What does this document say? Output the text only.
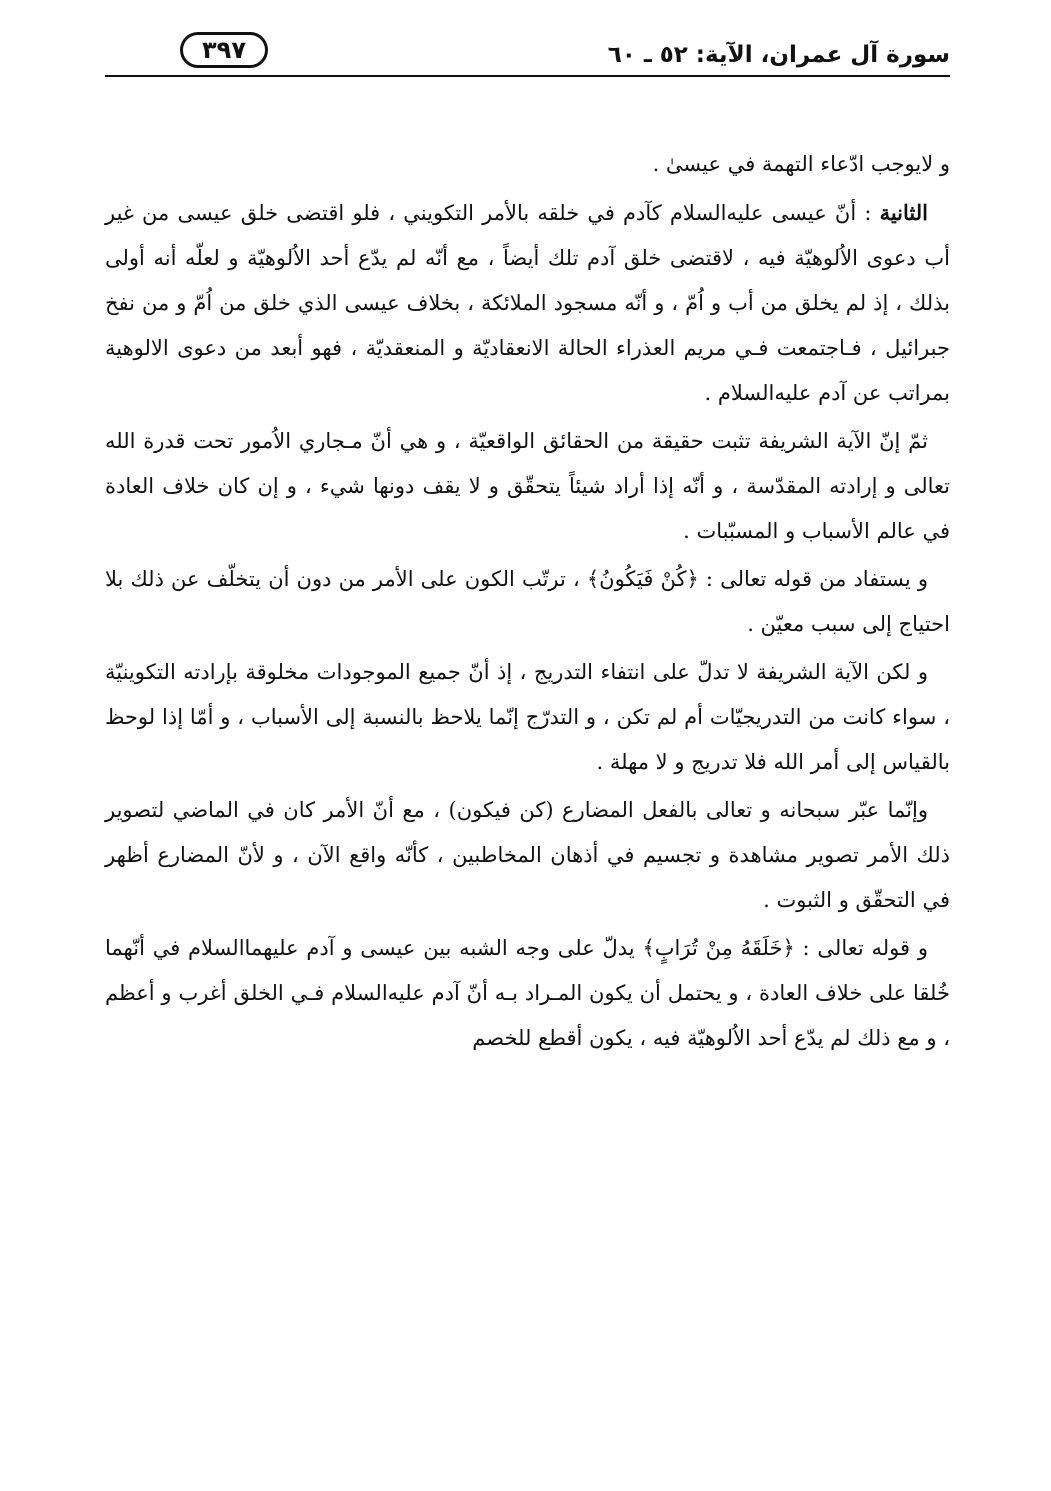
سورة آل عمران، الآية: ٥٢ ـ ٦٠
٣٩٧

و لايوجب ادّعاء التهمة في عيسىٰ .

الثانية : أنّ عيسى عليه‌السلام كآدم في خلقه بالأمر التكويني ، فلو اقتضى خلق عيسى من غير أب دعوى الاُلوهيّة فيه ، لاقتضى خلق آدم تلك أيضاً ، مع أنّه لم يدّع أحد الاُلوهيّة و لعلّه أنه أولى بذلك ، إذ لم يخلق من أب و اُمّ ، و أنّه مسجود الملائكة ، بخلاف عيسى الذي خلق من اُمّ و من نفخ جبرائيل ، فـاجتمعت فـي مريم العذراء الحالة الانعقاديّة و المنعقديّة ، فهو أبعد من دعوى الالوهية بمراتب عن آدم عليه‌السلام .

ثمّ إنّ الآية الشريفة تثبت حقيقة من الحقائق الواقعيّة ، و هي أنّ مـجاري الاُمور تحت قدرة الله تعالى و إرادته المقدّسة ، و أنّه إذا أراد شيئاً يتحقّق و لا يقف دونها شيء ، و إن كان خلاف العادة في عالم الأسباب و المسبّبات .

و يستفاد من قوله تعالى : ﴿كُنْ فَيَكُونُ﴾ ، ترتّب الكون على الأمر من دون أن يتخلّف عن ذلك بلا احتياج إلى سبب معيّن .

و لكن الآية الشريفة لا تدلّ على انتفاء التدريج ، إذ أنّ جميع الموجودات مخلوقة بإرادته التكوينيّة ، سواء كانت من التدريجيّات أم لم تكن ، و التدرّج إنّما يلاحظ بالنسبة إلى الأسباب ، و أمّا إذا لوحظ بالقياس إلى أمر الله فلا تدريج و لا مهلة .

وإنّما عبّر سبحانه و تعالى بالفعل المضارع (كن فيكون) ، مع أنّ الأمر كان في الماضي لتصوير ذلك الأمر تصوير مشاهدة و تجسيم في أذهان المخاطبين ، كأنّه واقع الآن ، و لأنّ المضارع أظهر في التحقّق و الثبوت .

و قوله تعالى : ﴿خَلَقَهُ مِنْ تُرَابٍ﴾ يدلّ على وجه الشبه بين عيسى و آدم عليهما‌السلام في أنّهما خُلقا على خلاف العادة ، و يحتمل أن يكون المـراد بـه أنّ آدم عليه‌السلام فـي الخلق أغرب و أعظم ، و مع ذلك لم يدّع أحد الاُلوهيّة فيه ، يكون أقطع للخصم
